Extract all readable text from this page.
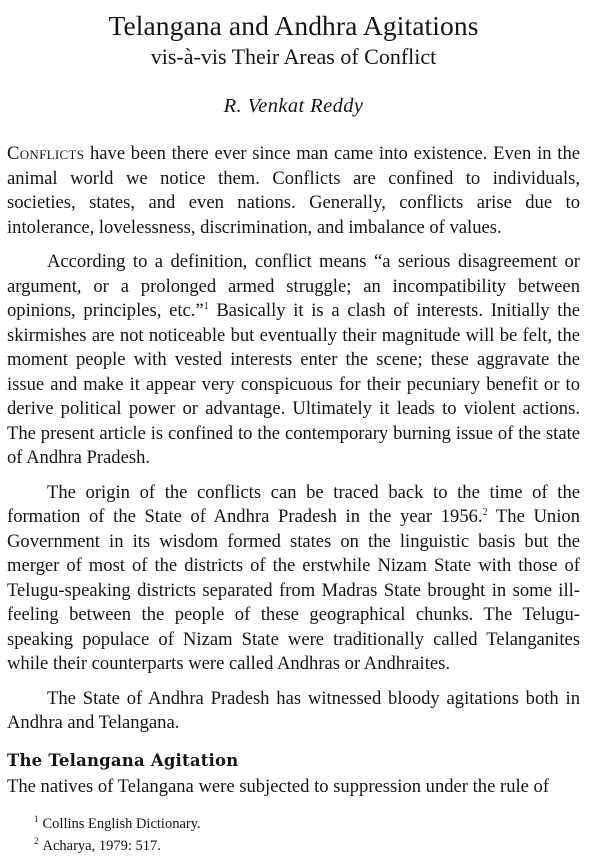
Telangana and Andhra Agitations
vis-à-vis Their Areas of Conflict
R. Venkat Reddy

Conflicts have been there ever since man came into existence. Even in the animal world we notice them. Conflicts are confined to individuals, societies, states, and even nations. Generally, conflicts arise due to intolerance, lovelessness, discrimination, and imbalance of values.

According to a definition, conflict means “a serious disagreement or argument, or a prolonged armed struggle; an incompatibility between opinions, principles, etc.”$^1$ Basically it is a clash of interests. Initially the skirmishes are not noticeable but eventually their magnitude will be felt, the moment people with vested interests enter the scene; these aggravate the issue and make it appear very conspicuous for their pecuniary benefit or to derive political power or advantage. Ultimately it leads to violent actions. The present article is confined to the contemporary burning issue of the state of Andhra Pradesh.

The origin of the conflicts can be traced back to the time of the formation of the State of Andhra Pradesh in the year 1956.$^2$ The Union Government in its wisdom formed states on the linguistic basis but the merger of most of the districts of the erstwhile Nizam State with those of Telugu-speaking districts separated from Madras State brought in some ill-feeling between the people of these geographical chunks. The Telugu-speaking populace of Nizam State were traditionally called Telanganites while their counterparts were called Andhras or Andhraites.

The State of Andhra Pradesh has witnessed bloody agitations both in Andhra and Telangana.

The Telangana Agitation

The natives of Telangana were subjected to suppression under the rule of

$^1$ Collins English Dictionary.
$^2$ Acharya, 1979: 517.
